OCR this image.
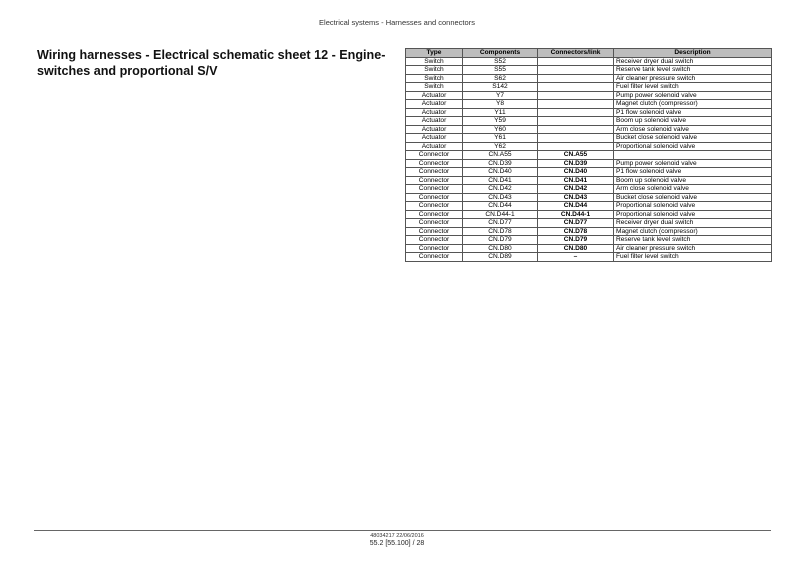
Electrical systems - Harnesses and connectors
Wiring harnesses - Electrical schematic sheet 12 - Engine-switches and proportional S/V
Type	Components	Connectors/link	Description
Switch	S52		Receiver dryer dual switch
Switch	S55		Reserve tank level switch
Switch	S62		Air cleaner pressure switch
Switch	S142		Fuel filter level switch
Actuator	Y7		Pump power solenoid valve
Actuator	Y8		Magnet clutch (compressor)
Actuator	Y11		P1 flow solenoid valve
Actuator	Y59		Boom up solenoid valve
Actuator	Y60		Arm close solenoid valve
Actuator	Y61		Bucket close solenoid valve
Actuator	Y62		Proportional solenoid valve
Connector	CN.A55	CN.A55	
Connector	CN.D39	CN.D39	Pump power solenoid valve
Connector	CN.D40	CN.D40	P1 flow solenoid valve
Connector	CN.D41	CN.D41	Boom up solenoid valve
Connector	CN.D42	CN.D42	Arm close solenoid valve
Connector	CN.D43	CN.D43	Bucket close solenoid valve
Connector	CN.D44	CN.D44	Proportional solenoid valve
Connector	CN.D44-1	CN.D44-1	Proportional solenoid valve
Connector	CN.D77	CN.D77	Receiver dryer dual switch
Connector	CN.D78	CN.D78	Magnet clutch (compressor)
Connector	CN.D79	CN.D79	Reserve tank level switch
Connector	CN.D80	CN.D80	Air cleaner pressure switch
Connector	CN.D89	–	Fuel filter level switch
48034217 22/06/2016
55.2 [55.100] / 28
